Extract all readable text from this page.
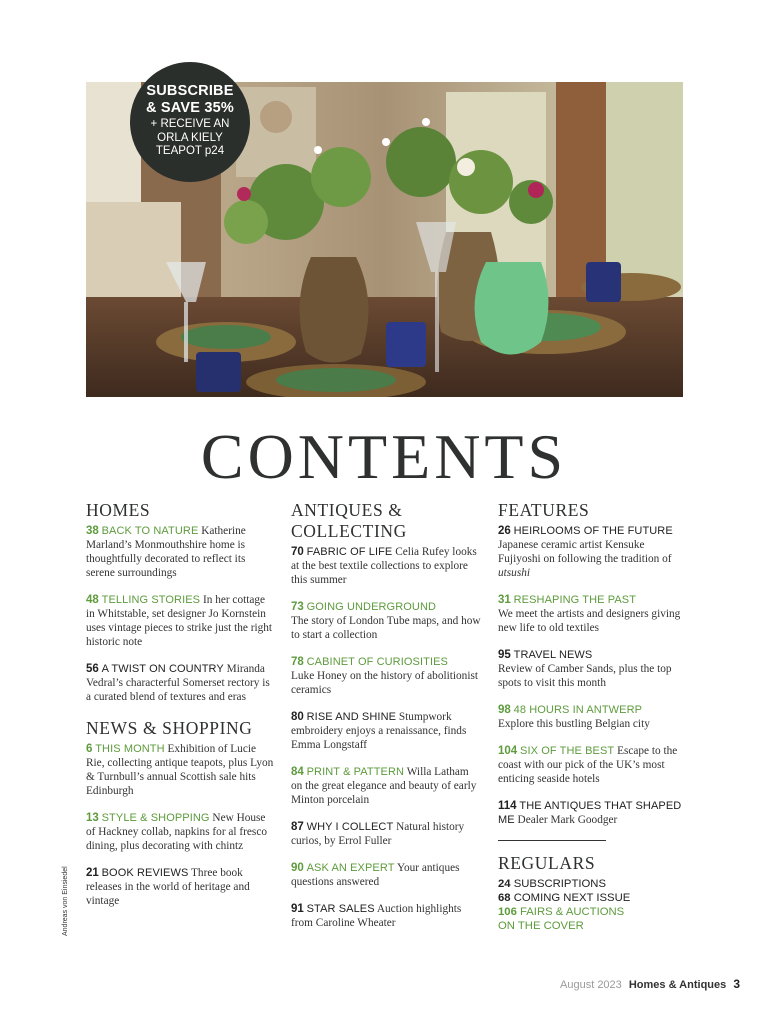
SUBSCRIBE
& SAVE 35%
+ RECEIVE AN
ORLA KIELY
TEAPOT p24
CONTENTS
HOMES
38 BACK TO NATURE Katherine Marland’s Monmouthshire home is thoughtfully decorated to reflect its serene surroundings
48 TELLING STORIES In her cottage in Whitstable, set designer Jo Kornstein uses vintage pieces to strike just the right historic note
56 A TWIST ON COUNTRY Miranda Vedral’s characterful Somerset rectory is a curated blend of textures and eras
NEWS & SHOPPING
6 THIS MONTH Exhibition of Lucie Rie, collecting antique teapots, plus Lyon & Turnbull’s annual Scottish sale hits Edinburgh
13 STYLE & SHOPPING New House of Hackney collab, napkins for al fresco dining, plus decorating with chintz
21 BOOK REVIEWS Three book releases in the world of heritage and vintage
ANTIQUES &
COLLECTING
70 FABRIC OF LIFE Celia Rufey looks at the best textile collections to explore this summer
73 GOING UNDERGROUND
The story of London Tube maps, and how to start a collection
78 CABINET OF CURIOSITIES
Luke Honey on the history of abolitionist ceramics
80 RISE AND SHINE Stumpwork embroidery enjoys a renaissance, finds Emma Longstaff
84 PRINT & PATTERN Willa Latham on the great elegance and beauty of early Minton porcelain
87 WHY I COLLECT Natural history curios, by Errol Fuller
90 ASK AN EXPERT Your antiques questions answered
91 STAR SALES Auction highlights from Caroline Wheater
FEATURES
26 HEIRLOOMS OF THE FUTURE
Japanese ceramic artist Kensuke Fujiyoshi on following the tradition of
utsushi
31 RESHAPING THE PAST
We meet the artists and designers giving new life to old textiles
95 TRAVEL NEWS
Review of Camber Sands, plus the top spots to visit this month
98 48 HOURS IN ANTWERP
Explore this bustling Belgian city
104 SIX OF THE BEST Escape to the coast with our pick of the UK’s most enticing seaside hotels
114 THE ANTIQUES THAT SHAPED ME Dealer Mark Goodger
REGULARS
24 SUBSCRIPTIONS
68 COMING NEXT ISSUE
106 FAIRS & AUCTIONS
ON THE COVER
Andreas von Einsiedel
August 2023 Homes & Antiques 3
